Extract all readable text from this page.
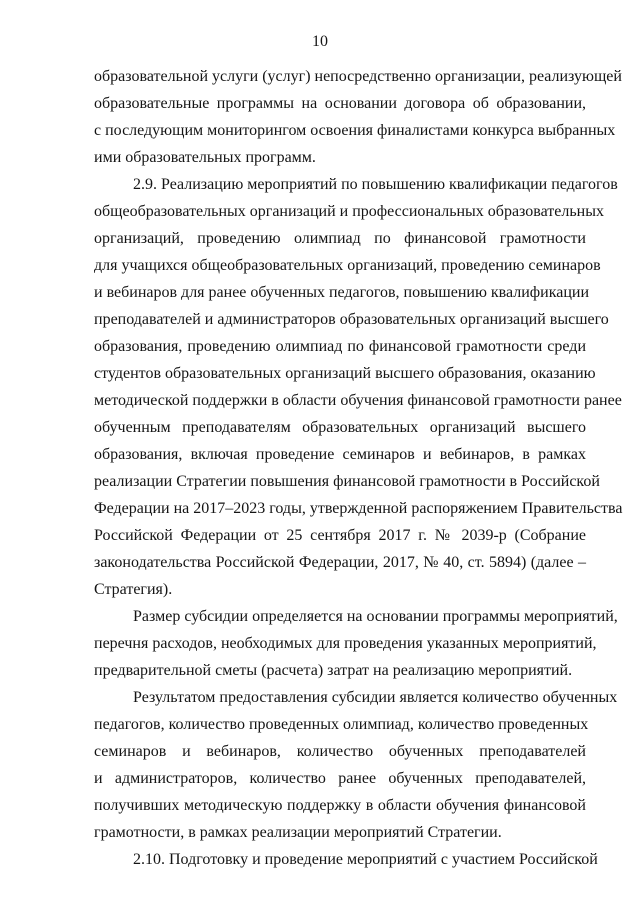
10
образовательной услуги (услуг) непосредственно организации, реализующей
образовательные программы на основании договора об образовании,
с последующим мониторингом освоения финалистами конкурса выбранных
ими образовательных программ.
2.9. Реализацию мероприятий по повышению квалификации педагогов
общеобразовательных организаций и профессиональных образовательных
организаций, проведению олимпиад по финансовой грамотности
для учащихся общеобразовательных организаций, проведению семинаров
и вебинаров для ранее обученных педагогов, повышению квалификации
преподавателей и администраторов образовательных организаций высшего
образования, проведению олимпиад по финансовой грамотности среди
студентов образовательных организаций высшего образования, оказанию
методической поддержки в области обучения финансовой грамотности ранее
обученным преподавателям образовательных организаций высшего
образования, включая проведение семинаров и вебинаров, в рамках
реализации Стратегии повышения финансовой грамотности в Российской
Федерации на 2017–2023 годы, утвержденной распоряжением Правительства
Российской Федерации от 25 сентября 2017 г. № 2039-р (Собрание
законодательства Российской Федерации, 2017, № 40, ст. 5894) (далее –
Стратегия).
Размер субсидии определяется на основании программы мероприятий,
перечня расходов, необходимых для проведения указанных мероприятий,
предварительной сметы (расчета) затрат на реализацию мероприятий.
Результатом предоставления субсидии является количество обученных
педагогов, количество проведенных олимпиад, количество проведенных
семинаров и вебинаров, количество обученных преподавателей
и администраторов, количество ранее обученных преподавателей,
получивших методическую поддержку в области обучения финансовой
грамотности, в рамках реализации мероприятий Стратегии.
2.10. Подготовку и проведение мероприятий с участием Российской
